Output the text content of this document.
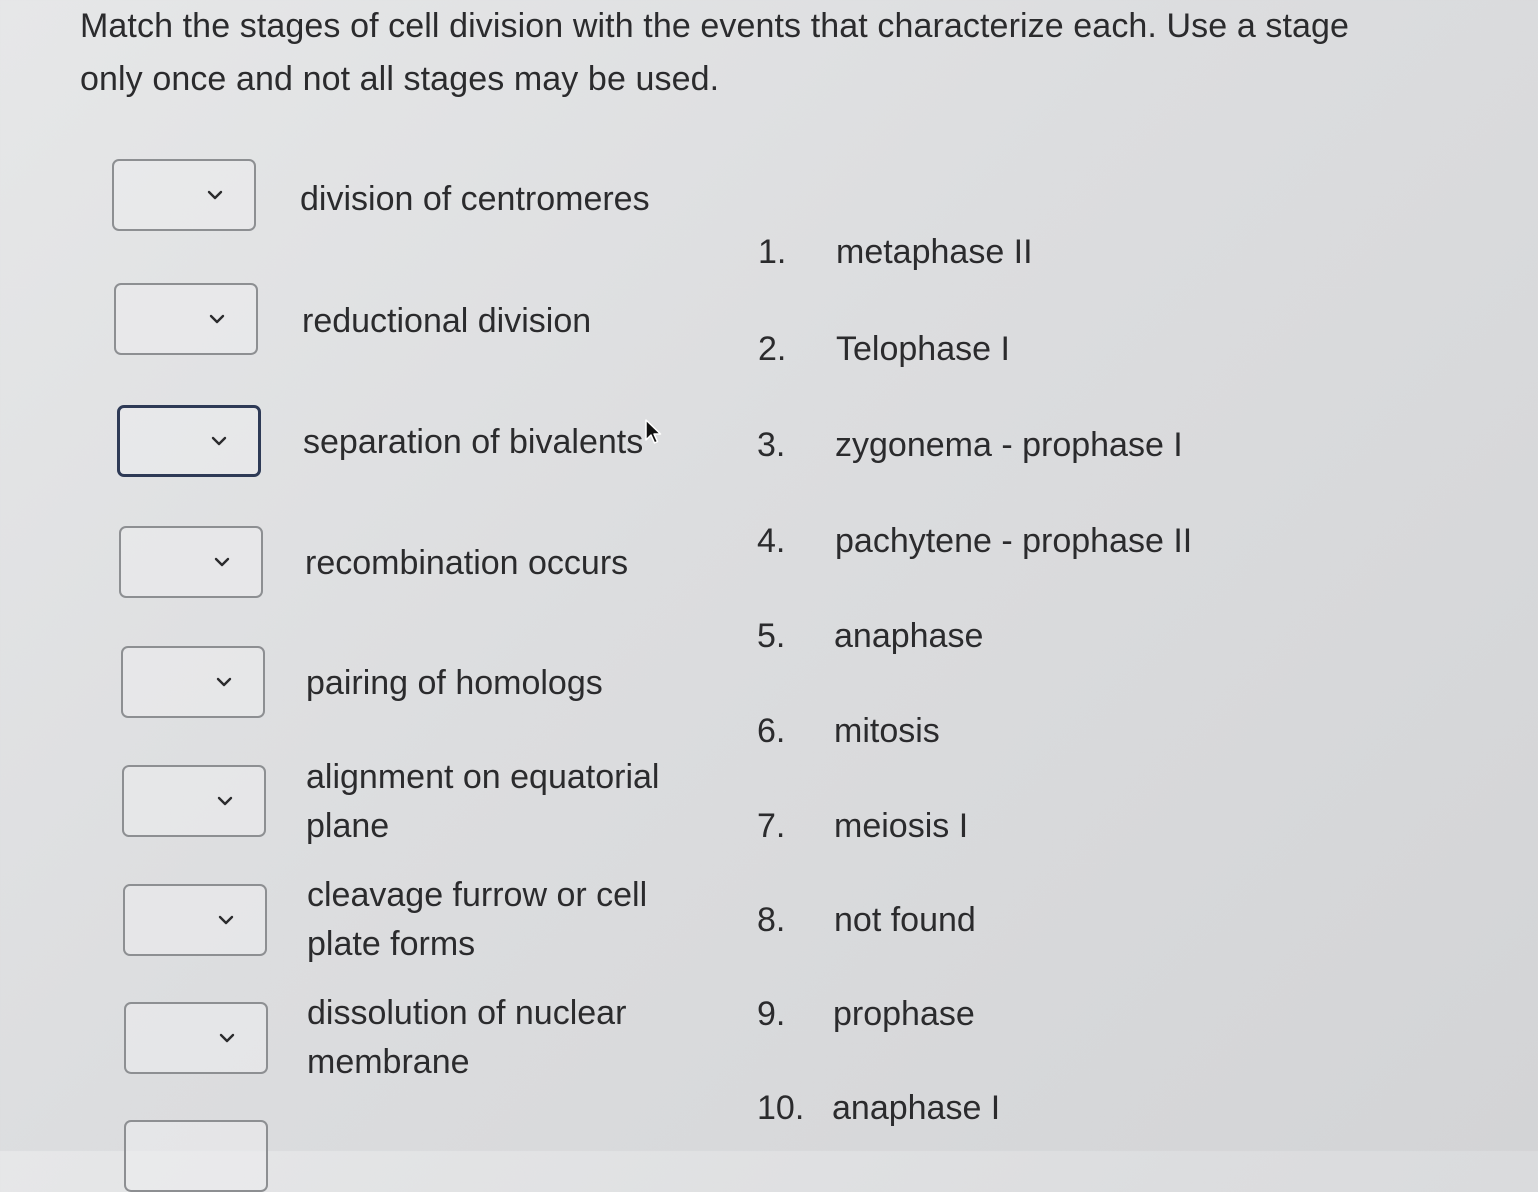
Match the stages of cell division with the events that characterize each. Use a stage only once and not all stages may be used.
division of centromeres
reductional division
separation of bivalents
recombination occurs
pairing of homologs
alignment on equatorial plane
cleavage furrow or cell plate forms
dissolution of nuclear membrane
1.	metaphase II
2.	Telophase I
3.	zygonema - prophase I
4.	pachytene - prophase II
5.	anaphase
6.	mitosis
7.	meiosis I
8.	not found
9.	prophase
10. anaphase I
